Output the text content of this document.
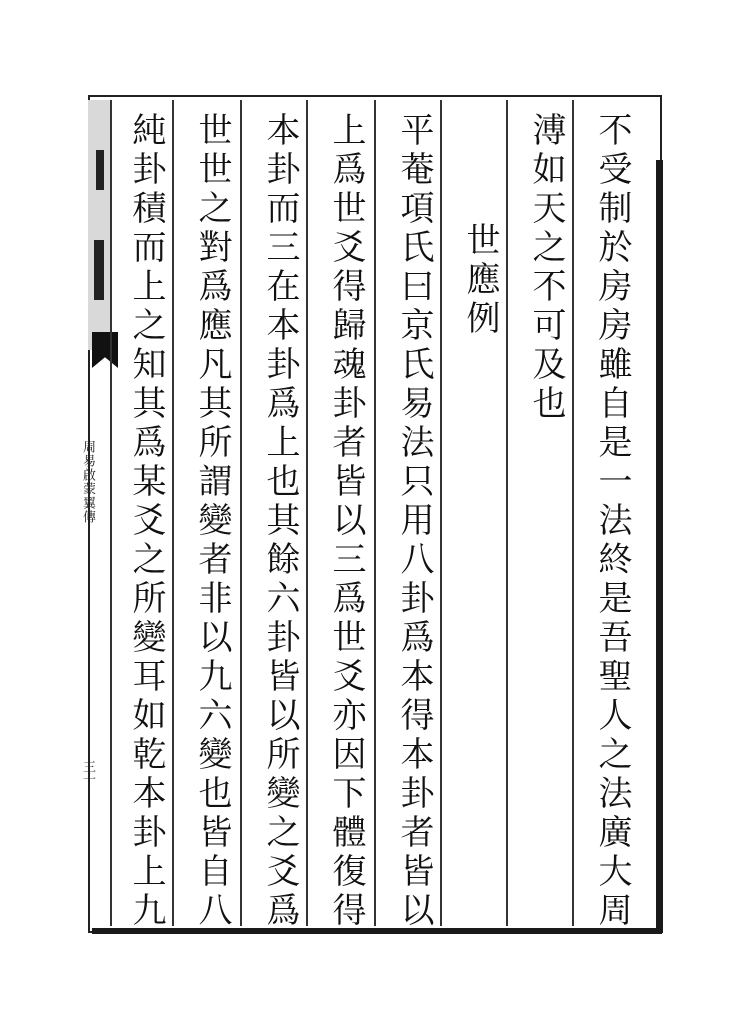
周易啟蒙翼傳
三十	不受制於房房雖自是一法終是吾聖人之法廣大周
溥如天之不可及也
世應例
平菴項氏曰京氏易法只用八卦爲本得本卦者皆以
上爲世爻得歸魂卦者皆以三爲世爻亦因下體復得
本卦而三在本卦爲上也其餘六卦皆以所變之爻爲
世世之對爲應凡其所謂變者非以九六變也皆自八
純卦積而上之知其爲某爻之所變耳如乾本卦上九
